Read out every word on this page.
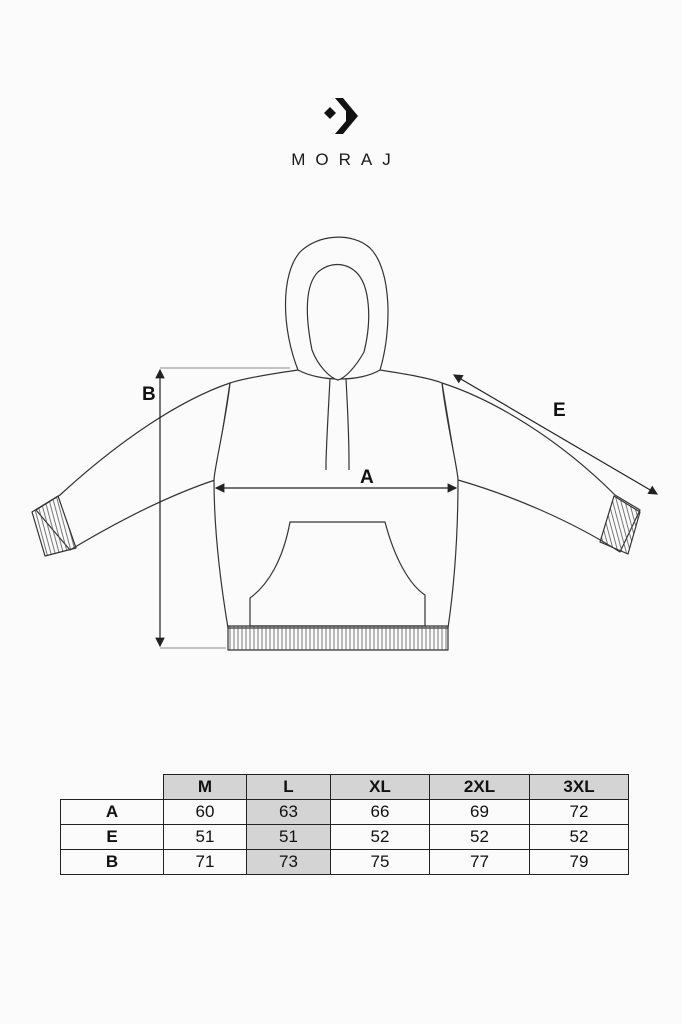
MORAJ
B
A
E
	M	L	XL	2XL	3XL
A	60	63	66	69	72
E	51	51	52	52	52
B	71	73	75	77	79
